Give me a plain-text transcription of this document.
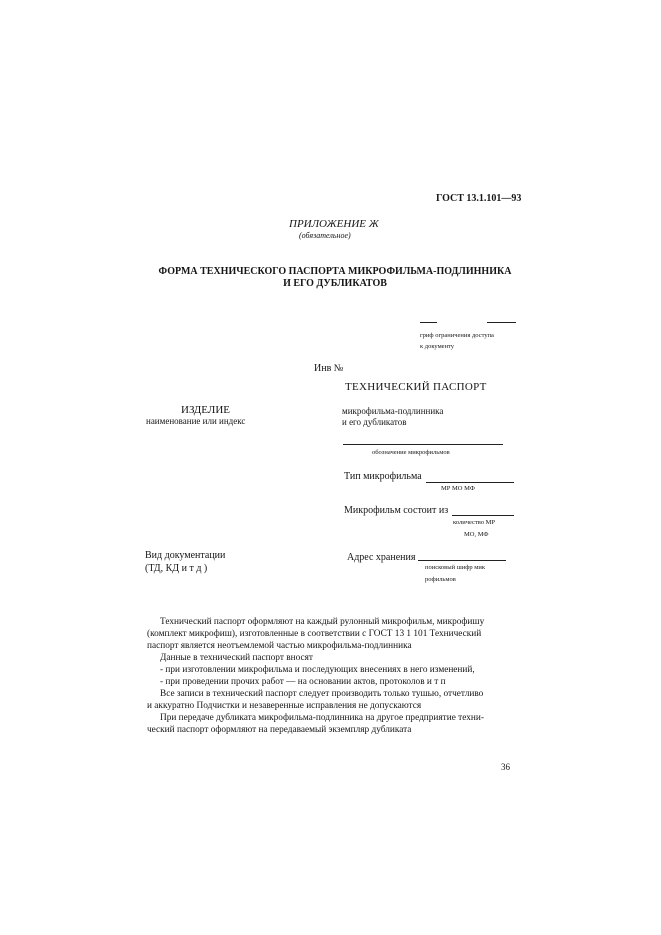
ГОСТ 13.1.101—93
ПРИЛОЖЕНИЕ Ж
(обязательное)
ФОРМА ТЕХНИЧЕСКОГО ПАСПОРТА МИКРОФИЛЬМА-ПОДЛИННИКА
И ЕГО ДУБЛИКАТОВ
гриф ограничения доступа
к документу
Инв №
ТЕХНИЧЕСКИЙ ПАСПОРТ
ИЗДЕЛИЕ
наименование или индекс
микрофильма-подлинника
и его дубликатов
обозначение микрофильмов
Тип микрофильма
МР МО МФ
Микрофильм состоит из
количество МР
МО, МФ
Вид документации
(ТД, КД и т д )
Адрес хранения
поисковый шифр мик
рофильмов
Технический паспорт оформляют на каждый рулонный микрофильм, микрофишу
(комплект микрофиш), изготовленные в соответствии с ГОСТ 13 1 101 Технический
паспорт является неотъемлемой частью микрофильма-подлинника
Данные в технический паспорт вносят
- при изготовлении микрофильма и последующих внесениях в него изменений,
- при проведении прочих работ — на основании актов, протоколов и т п
Все записи в технический паспорт следует производить только тушью, отчетливо
и аккуратно Подчистки и незаверенные исправления не допускаются
При передаче дубликата микрофильма-подлинника на другое предприятие техни-
ческий паспорт оформляют на передаваемый экземпляр дубликата
36
